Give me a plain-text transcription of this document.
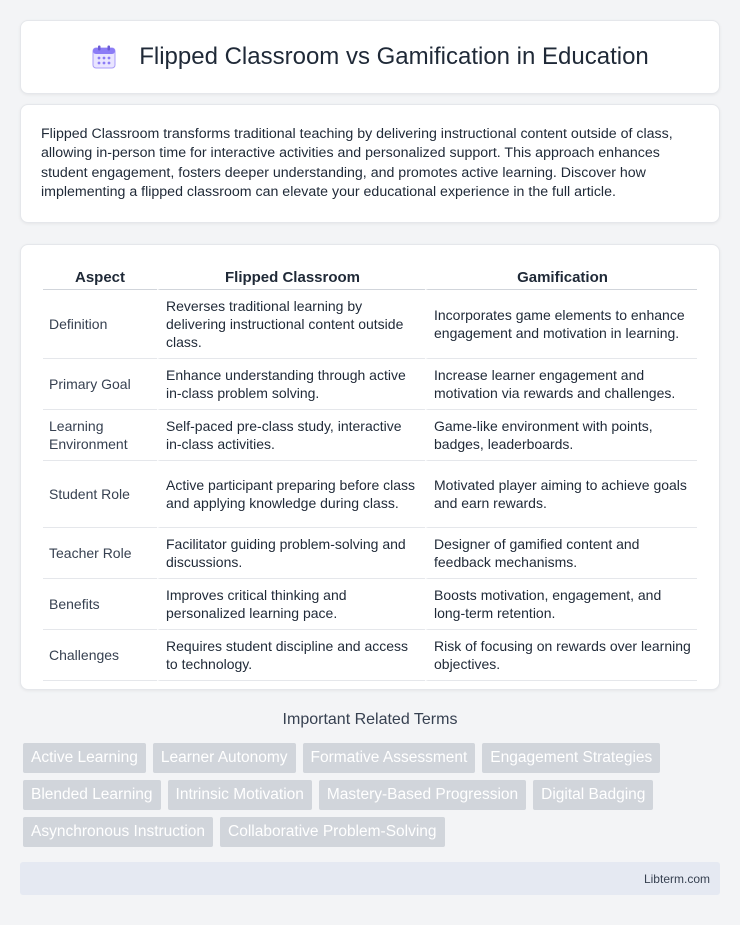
Flipped Classroom vs Gamification in Education

Flipped Classroom transforms traditional teaching by delivering instructional content outside of class, allowing in-person time for interactive activities and personalized support. This approach enhances student engagement, fosters deeper understanding, and promotes active learning. Discover how implementing a flipped classroom can elevate your educational experience in the full article.

Aspect	Flipped Classroom	Gamification
Definition	Reverses traditional learning by delivering instructional content outside class.	Incorporates game elements to enhance engagement and motivation in learning.
Primary Goal	Enhance understanding through active in-class problem solving.	Increase learner engagement and motivation via rewards and challenges.
Learning Environment	Self-paced pre-class study, interactive in-class activities.	Game-like environment with points, badges, leaderboards.
Student Role	Active participant preparing before class and applying knowledge during class.	Motivated player aiming to achieve goals and earn rewards.
Teacher Role	Facilitator guiding problem-solving and discussions.	Designer of gamified content and feedback mechanisms.
Benefits	Improves critical thinking and personalized learning pace.	Boosts motivation, engagement, and long-term retention.
Challenges	Requires student discipline and access to technology.	Risk of focusing on rewards over learning objectives.
Important Related Terms
Active Learning	Learner Autonomy	Formative Assessment	Engagement Strategies
Blended Learning	Intrinsic Motivation	Mastery-Based Progression	Digital Badging
Asynchronous Instruction	Collaborative Problem-Solving
Libterm.com
